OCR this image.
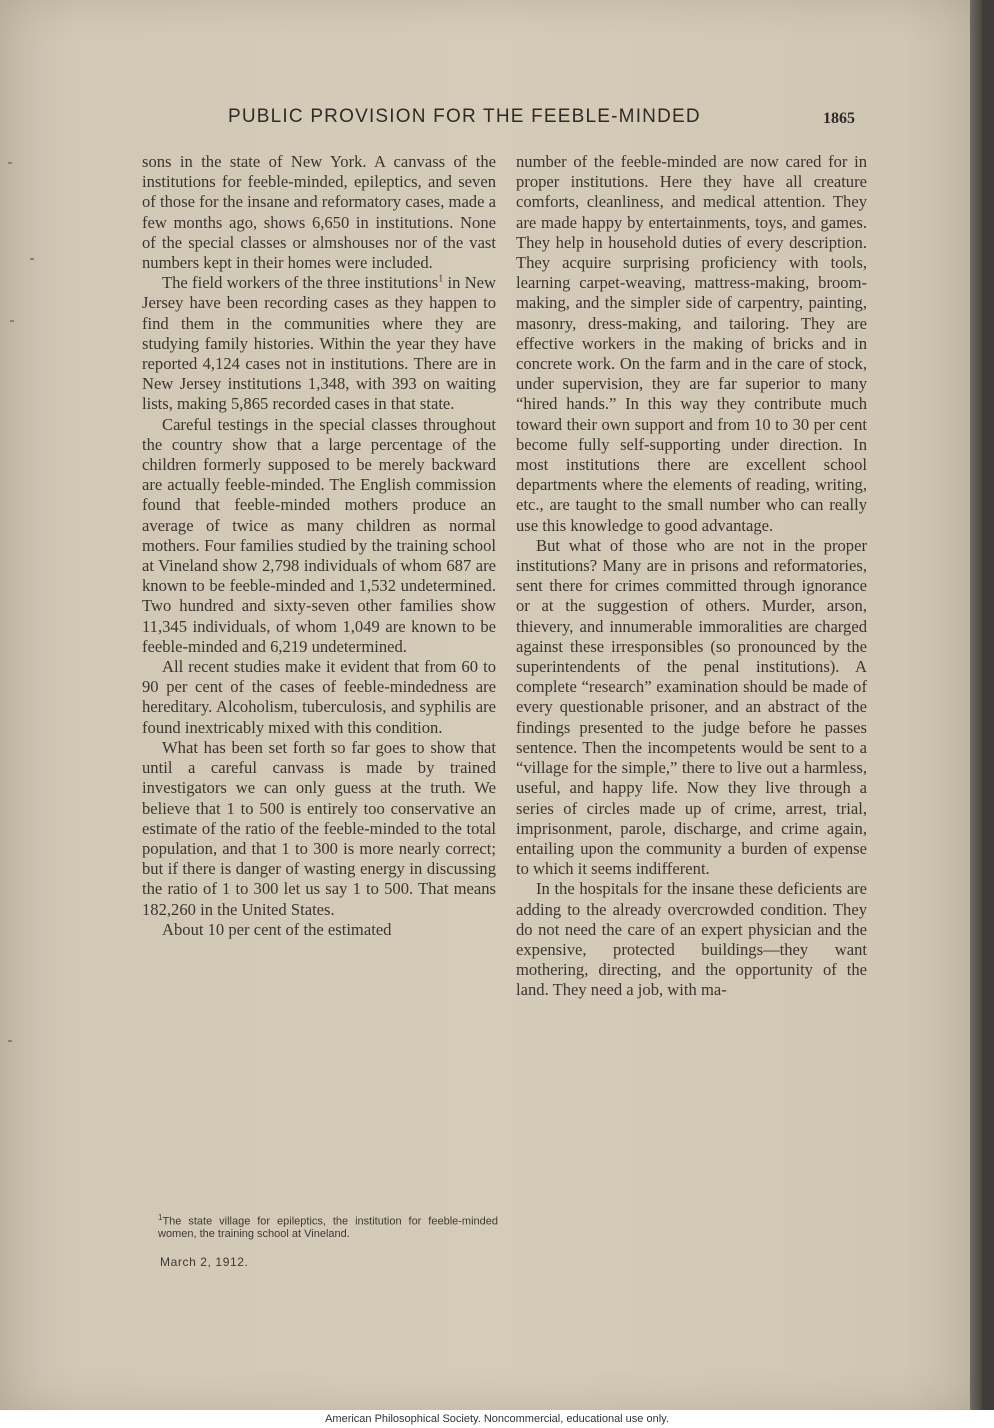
PUBLIC PROVISION FOR THE FEEBLE-MINDED	1865

sons in the state of New York. A canvass of the institutions for feeble-minded, epileptics, and seven of those for the insane and reformatory cases, made a few months ago, shows 6,650 in institutions. None of the special classes or almshouses nor of the vast numbers kept in their homes were included.

The field workers of the three institutions$^1$ in New Jersey have been recording cases as they happen to find them in the communities where they are studying family histories. Within the year they have reported 4,124 cases not in institutions. There are in New Jersey institutions 1,348, with 393 on waiting lists, making 5,865 recorded cases in that state.

Careful testings in the special classes throughout the country show that a large percentage of the children formerly supposed to be merely backward are actually feeble-minded. The English commission found that feeble-minded mothers produce an average of twice as many children as normal mothers. Four families studied by the training school at Vineland show 2,798 individuals of whom 687 are known to be feeble-minded and 1,532 undetermined. Two hundred and sixty-seven other families show 11,345 individuals, of whom 1,049 are known to be feeble-minded and 6,219 undetermined.

All recent studies make it evident that from 60 to 90 per cent of the cases of feeble-mindedness are hereditary. Alcoholism, tuberculosis, and syphilis are found inextricably mixed with this condition.

What has been set forth so far goes to show that until a careful canvass is made by trained investigators we can only guess at the truth. We believe that 1 to 500 is entirely too conservative an estimate of the ratio of the feeble-minded to the total population, and that 1 to 300 is more nearly correct; but if there is danger of wasting energy in discussing the ratio of 1 to 300 let us say 1 to 500. That means 182,260 in the United States.

About 10 per cent of the estimated

number of the feeble-minded are now cared for in proper institutions. Here they have all creature comforts, cleanliness, and medical attention. They are made happy by entertainments, toys, and games. They help in household duties of every description. They acquire surprising proficiency with tools, learning carpet-weaving, mattress-making, broom-making, and the simpler side of carpentry, painting, masonry, dress-making, and tailoring. They are effective workers in the making of bricks and in concrete work. On the farm and in the care of stock, under supervision, they are far superior to many “hired hands.” In this way they contribute much toward their own support and from 10 to 30 per cent become fully self-supporting under direction. In most institutions there are excellent school departments where the elements of reading, writing, etc., are taught to the small number who can really use this knowledge to good advantage.

But what of those who are not in the proper institutions? Many are in prisons and reformatories, sent there for crimes committed through ignorance or at the suggestion of others. Murder, arson, thievery, and innumerable immoralities are charged against these irresponsibles (so pronounced by the superintendents of the penal institutions). A complete “research” examination should be made of every questionable prisoner, and an abstract of the findings presented to the judge before he passes sentence. Then the incompetents would be sent to a “village for the simple,” there to live out a harmless, useful, and happy life. Now they live through a series of circles made up of crime, arrest, trial, imprisonment, parole, discharge, and crime again, entailing upon the community a burden of expense to which it seems indifferent.

In the hospitals for the insane these deficients are adding to the already overcrowded condition. They do not need the care of an expert physician and the expensive, protected buildings—they want mothering, directing, and the opportunity of the land. They need a job, with ma-

$^1$The state village for epileptics, the institution for feeble-minded women, the training school at Vineland.
March 2, 1912.
American Philosophical Society. Noncommercial, educational use only.
